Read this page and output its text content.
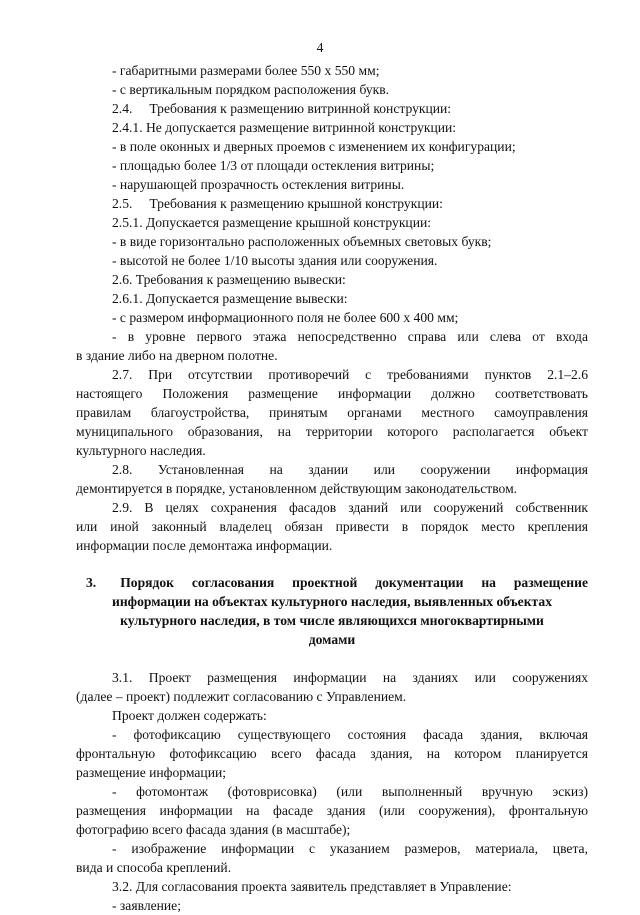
4
- габаритными размерами более 550 x 550 мм;
- с вертикальным порядком расположения букв.
2.4.     Требования к размещению витринной конструкции:
2.4.1. Не допускается размещение витринной конструкции:
- в поле оконных и дверных проемов с изменением их конфигурации;
- площадью более 1/3 от площади остекления витрины;
- нарушающей прозрачность остекления витрины.
2.5.     Требования к размещению крышной конструкции:
2.5.1. Допускается размещение крышной конструкции:
- в виде горизонтально расположенных объемных световых букв;
- высотой не более 1/10 высоты здания или сооружения.
2.6. Требования к размещению вывески:
2.6.1. Допускается размещение вывески:
- с размером информационного поля не более 600 x 400 мм;
- в уровне первого этажа непосредственно справа или слева от входа
в здание либо на дверном полотне.
2.7. При отсутствии противоречий с требованиями пунктов 2.1–2.6
настоящего Положения размещение информации должно соответствовать
правилам благоустройства, принятым органами местного самоуправления
муниципального образования, на территории которого располагается объект
культурного наследия.
2.8. Установленная на здании или сооружении информация
демонтируется в порядке, установленном действующим законодательством.
2.9. В целях сохранения фасадов зданий или сооружений собственник
или иной законный владелец обязан привести в порядок место крепления
информации после демонтажа информации.
3. Порядок согласования проектной документации на размещение
информации на объектах культурного наследия, выявленных объектах
культурного наследия, в том числе являющихся многоквартирными
домами
3.1. Проект размещения информации на зданиях или сооружениях
(далее – проект) подлежит согласованию с Управлением.
Проект должен содержать:
- фотофиксацию существующего состояния фасада здания, включая
фронтальную фотофиксацию всего фасада здания, на котором планируется
размещение информации;
- фотомонтаж (фотоврисовка) (или выполненный вручную эскиз)
размещения информации на фасаде здания (или сооружения), фронтальную
фотографию всего фасада здания (в масштабе);
- изображение информации с указанием размеров, материала, цвета,
вида и способа креплений.
3.2. Для согласования проекта заявитель представляет в Управление:
- заявление;
